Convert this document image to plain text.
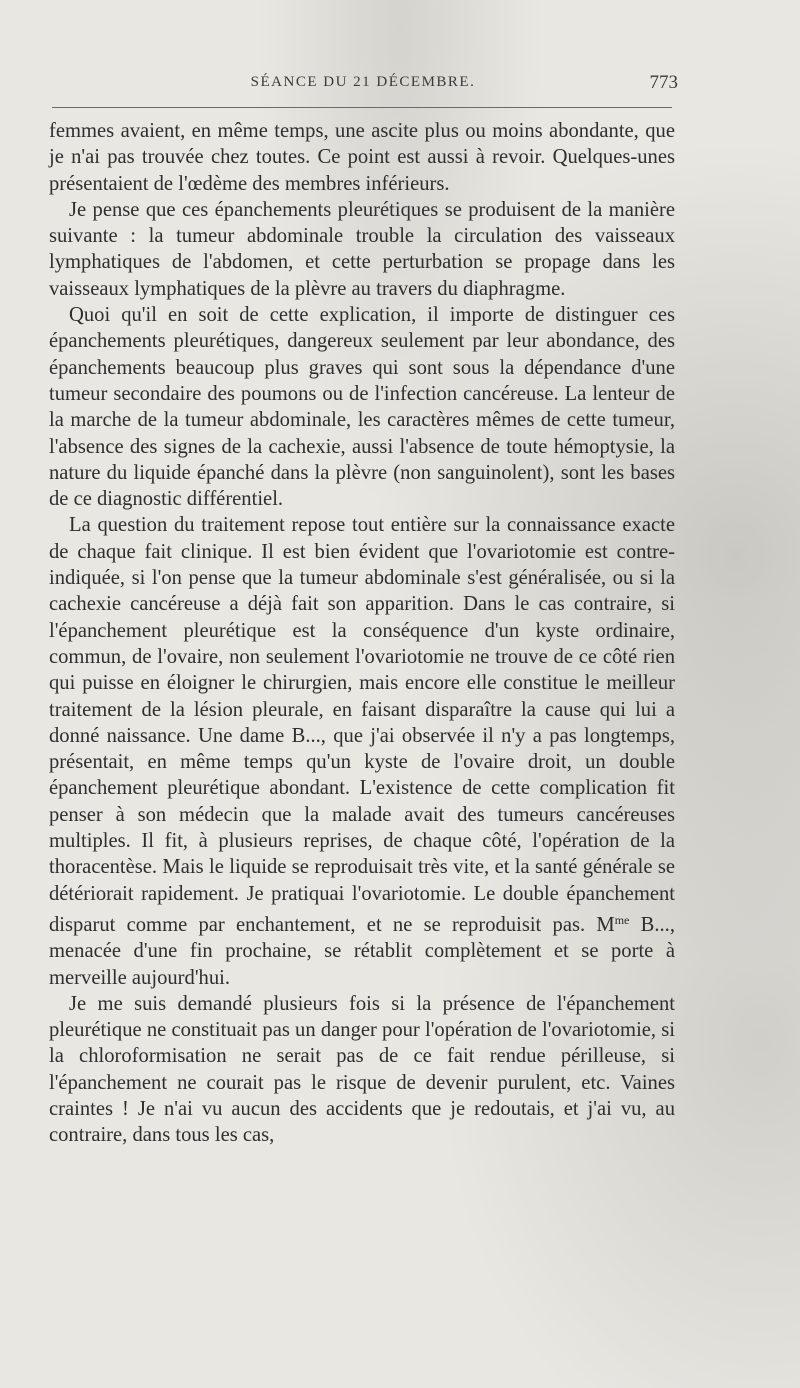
SÉANCE DU 21 DÉCEMBRE.	773

femmes avaient, en même temps, une ascite plus ou moins abondante, que je n'ai pas trouvée chez toutes. Ce point est aussi à revoir. Quelques-unes présentaient de l'œdème des membres inférieurs.

Je pense que ces épanchements pleurétiques se produisent de la manière suivante : la tumeur abdominale trouble la circulation des vaisseaux lymphatiques de l'abdomen, et cette perturbation se propage dans les vaisseaux lymphatiques de la plèvre au travers du diaphragme.

Quoi qu'il en soit de cette explication, il importe de distinguer ces épanchements pleurétiques, dangereux seulement par leur abondance, des épanchements beaucoup plus graves qui sont sous la dépendance d'une tumeur secondaire des poumons ou de l'infection cancéreuse. La lenteur de la marche de la tumeur abdominale, les caractères mêmes de cette tumeur, l'absence des signes de la cachexie, aussi l'absence de toute hémoptysie, la nature du liquide épanché dans la plèvre (non sanguinolent), sont les bases de ce diagnostic différentiel.

La question du traitement repose tout entière sur la connaissance exacte de chaque fait clinique. Il est bien évident que l'ovariotomie est contre-indiquée, si l'on pense que la tumeur abdominale s'est généralisée, ou si la cachexie cancéreuse a déjà fait son apparition. Dans le cas contraire, si l'épanchement pleurétique est la conséquence d'un kyste ordinaire, commun, de l'ovaire, non seulement l'ovariotomie ne trouve de ce côté rien qui puisse en éloigner le chirurgien, mais encore elle constitue le meilleur traitement de la lésion pleurale, en faisant disparaître la cause qui lui a donné naissance. Une dame B..., que j'ai observée il n'y a pas longtemps, présentait, en même temps qu'un kyste de l'ovaire droit, un double épanchement pleurétique abondant. L'existence de cette complication fit penser à son médecin que la malade avait des tumeurs cancéreuses multiples. Il fit, à plusieurs reprises, de chaque côté, l'opération de la thoracentèse. Mais le liquide se reproduisait très vite, et la santé générale se détériorait rapidement. Je pratiquai l'ovariotomie. Le double épanchement disparut comme par enchantement, et ne se reproduisit pas. $M^{me}$ B..., menacée d'une fin prochaine, se rétablit complètement et se porte à merveille aujourd'hui.

Je me suis demandé plusieurs fois si la présence de l'épanchement pleurétique ne constituait pas un danger pour l'opération de l'ovariotomie, si la chloroformisation ne serait pas de ce fait rendue périlleuse, si l'épanchement ne courait pas le risque de devenir purulent, etc. Vaines craintes ! Je n'ai vu aucun des accidents que je redoutais, et j'ai vu, au contraire, dans tous les cas,
